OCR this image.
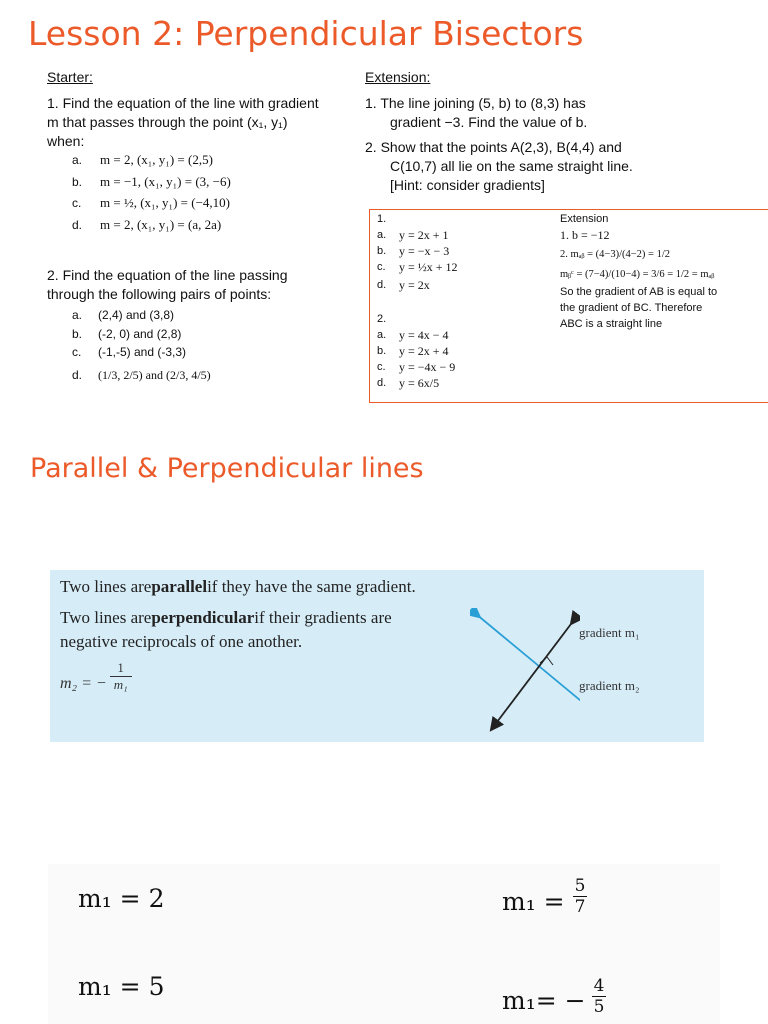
Lesson 2: Perpendicular Bisectors
Starter:
1. Find the equation of the line with gradient
m that passes through the point (x₁, y₁)
when:
a.	m = 2, (x₁, y₁) = (2,5)
b.	m = −1, (x₁, y₁) = (3, −6)
c.	m = ½, (x₁, y₁) = (−4,10)
d.	m = 2, (x₁, y₁) = (a, 2a)
2. Find the equation of the line passing
through the following pairs of points:
a.	(2,4) and (3,8)
b.	(-2, 0) and (2,8)
c.	(-1,-5) and (-3,3)
d.	(1/3, 2/5) and (2/3, 4/5)
Extension:
1. The line joining (5, b) to (8,3) has
gradient −3. Find the value of b.
2. Show that the points A(2,3), B(4,4) and
C(10,7) all lie on the same straight line.
[Hint: consider gradients]
1.
a.	y = 2x + 1
b.	y = −x − 3
c.	y = ½x + 12
d.	y = 2x
2.
a.	y = 4x − 4
b.	y = 2x + 4
c.	y = −4x − 9
d.	y = 6x/5
Extension
1. b = −12
2. mₐᵦ = (4−3)/(4−2) = 1/2
mᵦᶜ = (7−4)/(10−4) = 3/6 = 1/2 = mₐᵦ
So the gradient of AB is equal to
the gradient of BC. Therefore
ABC is a straight line
Parallel & Perpendicular lines
Two lines are parallel if they have the same gradient.
Two lines are perpendicular if their gradients are
negative reciprocals of one another.
m₂ = − $\frac{1}{\text{m₁}}$
gradient m₁
gradient m₂
m₁ = 2
m₁ = 5
$m_1 = \frac{5}{7}$
$m_1= - \frac{4}{5}$
